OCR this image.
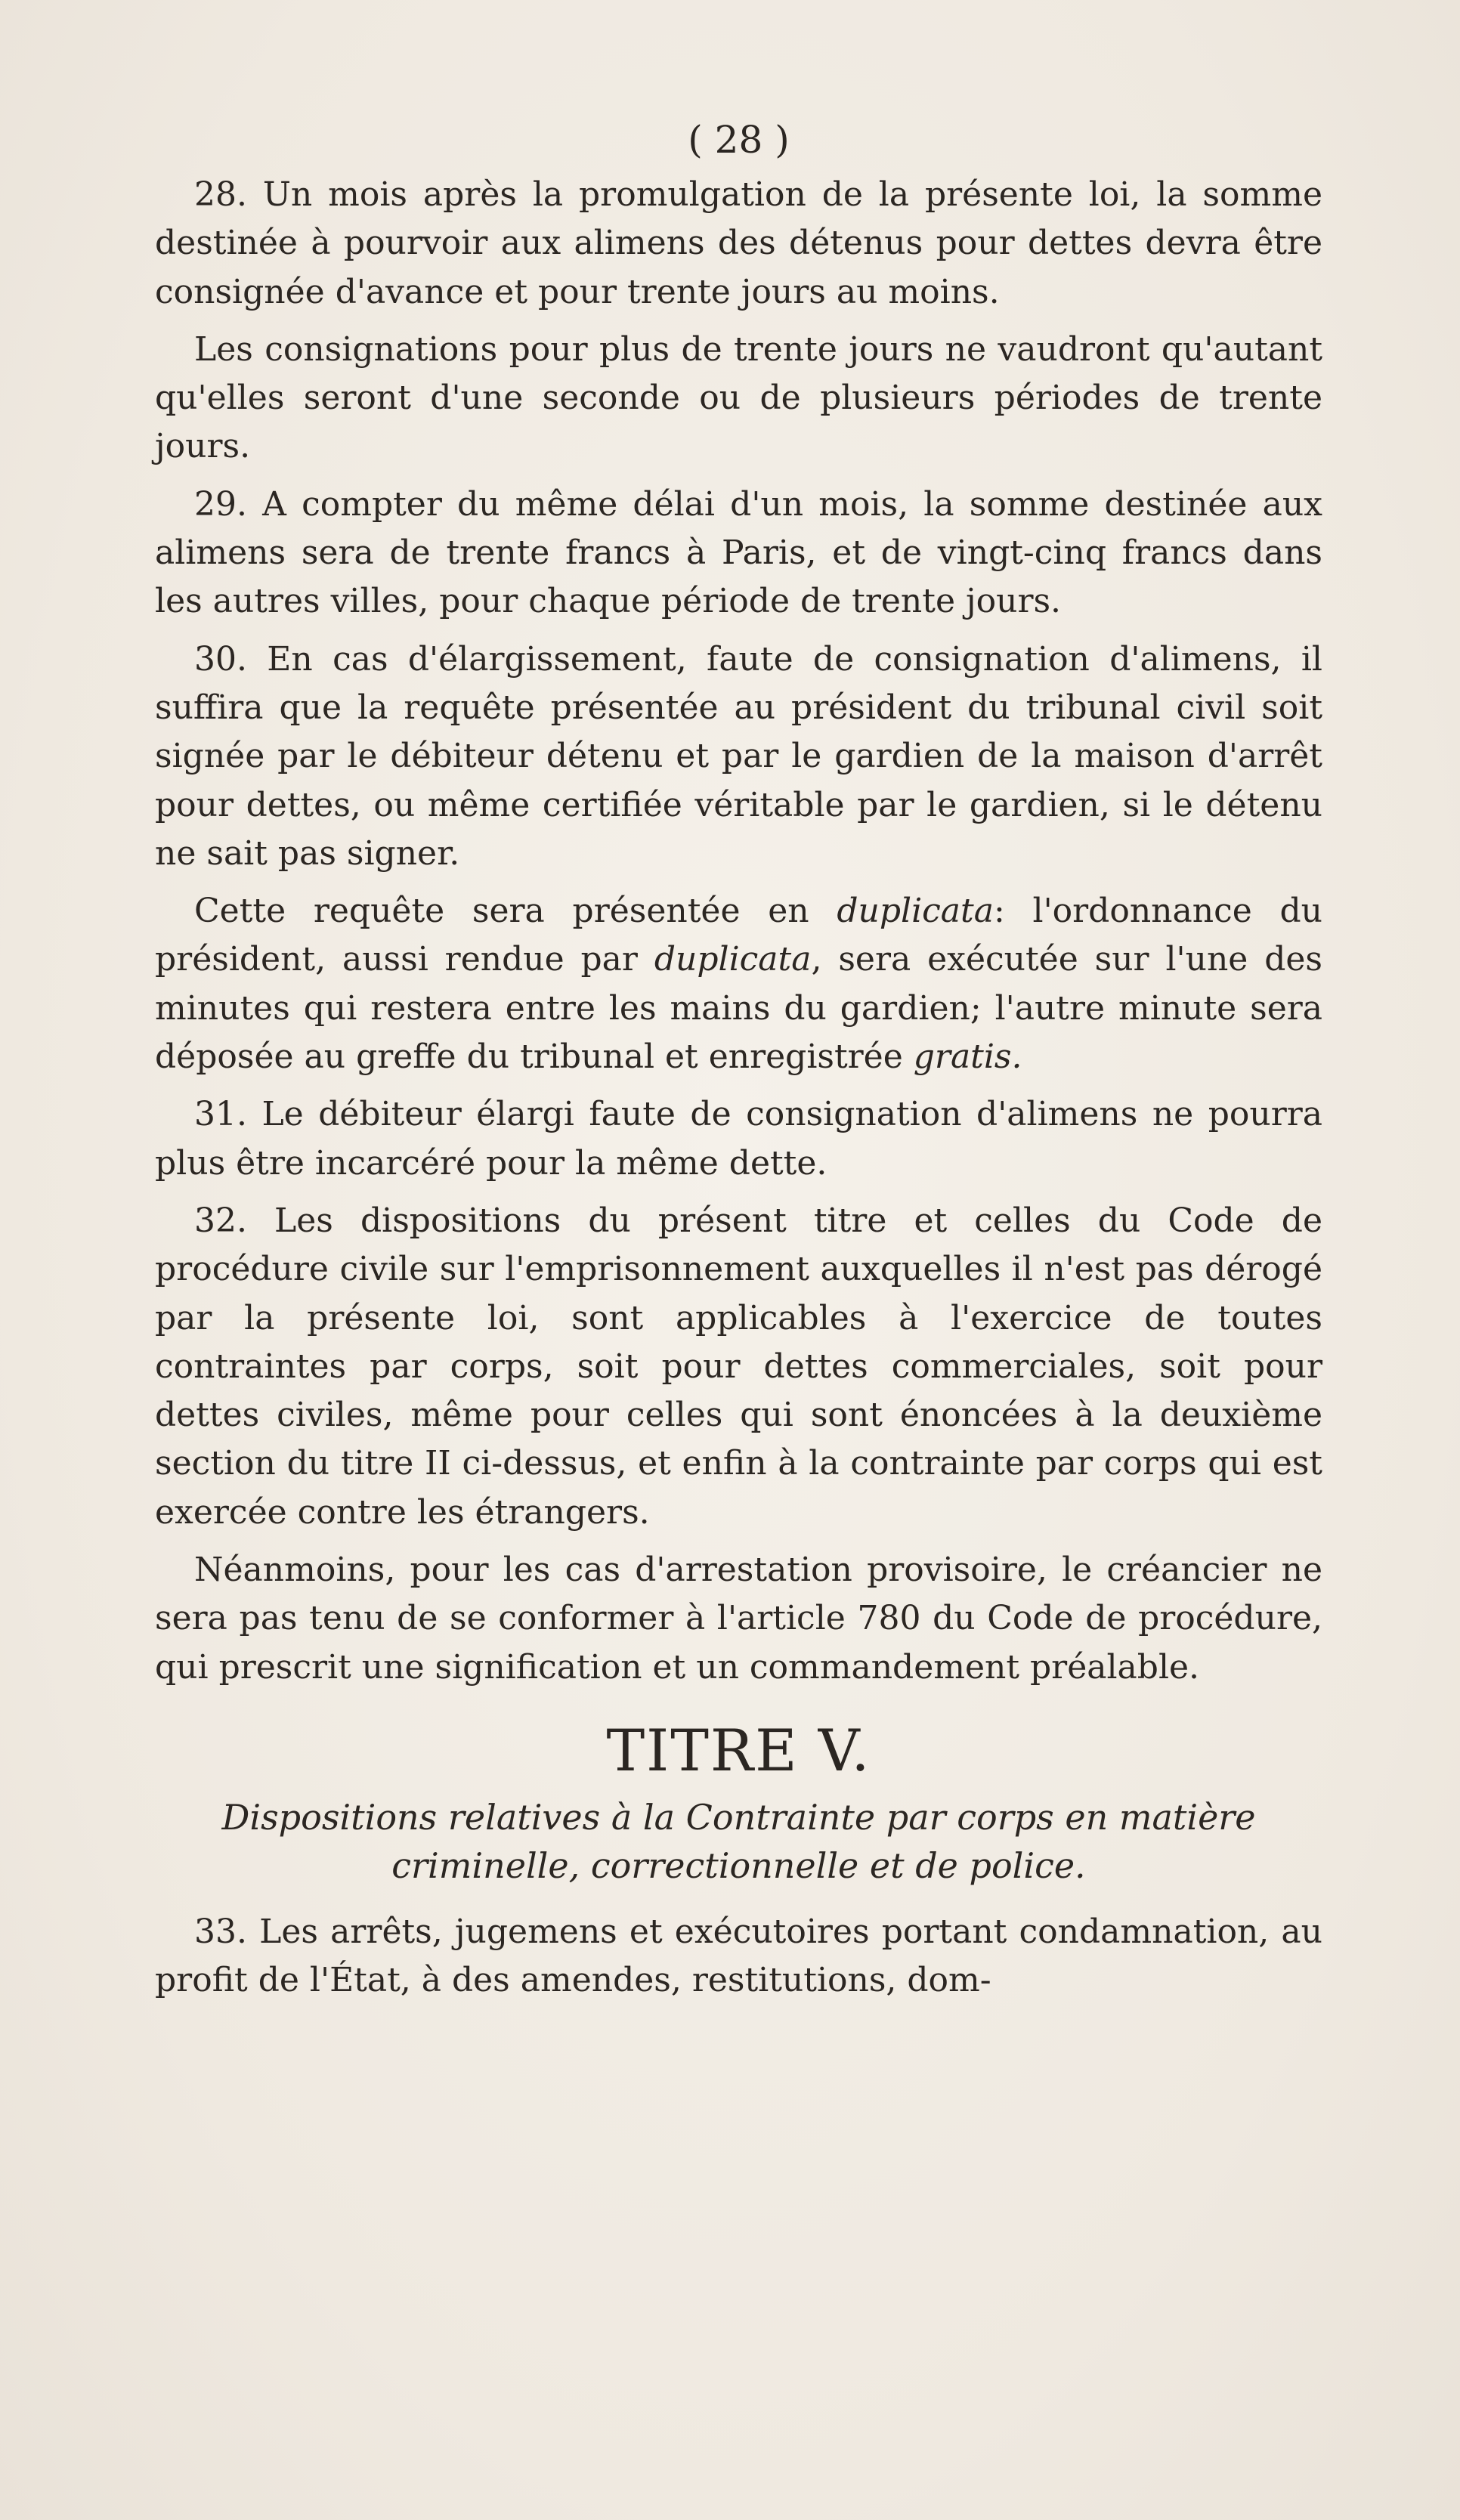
( 28 )

28. Un mois après la promulgation de la présente loi, la somme destinée à pourvoir aux alimens des détenus pour dettes devra être consignée d'avance et pour trente jours au moins.

Les consignations pour plus de trente jours ne vaudront qu'autant qu'elles seront d'une seconde ou de plusieurs périodes de trente jours.

29. A compter du même délai d'un mois, la somme destinée aux alimens sera de trente francs à Paris, et de vingt-cinq francs dans les autres villes, pour chaque période de trente jours.

30. En cas d'élargissement, faute de consignation d'alimens, il suffira que la requête présentée au président du tribunal civil soit signée par le débiteur détenu et par le gardien de la maison d'arrêt pour dettes, ou même certifiée véritable par le gardien, si le détenu ne sait pas signer.

Cette requête sera présentée en duplicata: l'ordonnance du président, aussi rendue par duplicata, sera exécutée sur l'une des minutes qui restera entre les mains du gardien; l'autre minute sera déposée au greffe du tribunal et enregistrée gratis.

31. Le débiteur élargi faute de consignation d'alimens ne pourra plus être incarcéré pour la même dette.

32. Les dispositions du présent titre et celles du Code de procédure civile sur l'emprisonnement auxquelles il n'est pas dérogé par la présente loi, sont applicables à l'exercice de toutes contraintes par corps, soit pour dettes commerciales, soit pour dettes civiles, même pour celles qui sont énoncées à la deuxième section du titre II ci-dessus, et enfin à la contrainte par corps qui est exercée contre les étrangers.

Néanmoins, pour les cas d'arrestation provisoire, le créancier ne sera pas tenu de se conformer à l'article 780 du Code de procédure, qui prescrit une signification et un commandement préalable.

TITRE V.
Dispositions relatives à la Contrainte par corps en matière criminelle, correctionnelle et de police.

33. Les arrêts, jugemens et exécutoires portant condamnation, au profit de l'État, à des amendes, restitutions, dom-
